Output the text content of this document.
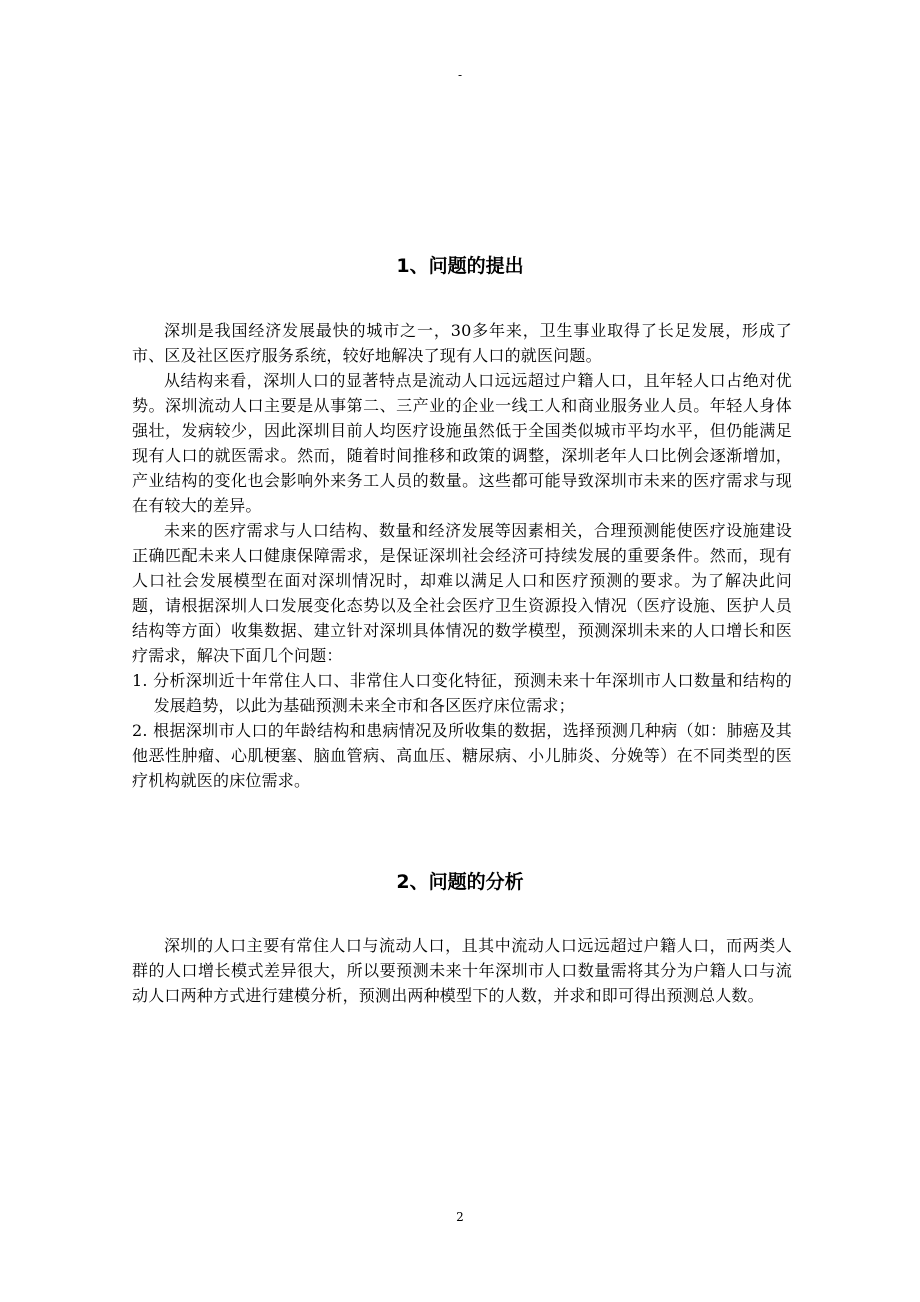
-
1、问题的提出

深圳是我国经济发展最快的城市之一，30多年来，卫生事业取得了长足发展，形成了市、区及社区医疗服务系统，较好地解决了现有人口的就医问题。

从结构来看，深圳人口的显著特点是流动人口远远超过户籍人口，且年轻人口占绝对优势。深圳流动人口主要是从事第二、三产业的企业一线工人和商业服务业人员。年轻人身体强壮，发病较少，因此深圳目前人均医疗设施虽然低于全国类似城市平均水平，但仍能满足现有人口的就医需求。然而，随着时间推移和政策的调整，深圳老年人口比例会逐渐增加，产业结构的变化也会影响外来务工人员的数量。这些都可能导致深圳市未来的医疗需求与现在有较大的差异。

未来的医疗需求与人口结构、数量和经济发展等因素相关，合理预测能使医疗设施建设正确匹配未来人口健康保障需求，是保证深圳社会经济可持续发展的重要条件。然而，现有人口社会发展模型在面对深圳情况时，却难以满足人口和医疗预测的要求。为了解决此问题，请根据深圳人口发展变化态势以及全社会医疗卫生资源投入情况（医疗设施、医护人员结构等方面）收集数据、建立针对深圳具体情况的数学模型，预测深圳未来的人口增长和医疗需求，解决下面几个问题：

1. 分析深圳近十年常住人口、非常住人口变化特征，预测未来十年深圳市人口数量和结构的发展趋势，以此为基础预测未来全市和各区医疗床位需求；

2. 根据深圳市人口的年龄结构和患病情况及所收集的数据，选择预测几种病（如：肺癌及其他恶性肿瘤、心肌梗塞、脑血管病、高血压、糖尿病、小儿肺炎、分娩等）在不同类型的医疗机构就医的床位需求。

2、问题的分析

深圳的人口主要有常住人口与流动人口，且其中流动人口远远超过户籍人口，而两类人群的人口增长模式差异很大，所以要预测未来十年深圳市人口数量需将其分为户籍人口与流动人口两种方式进行建模分析，预测出两种模型下的人数，并求和即可得出预测总人数。

2
